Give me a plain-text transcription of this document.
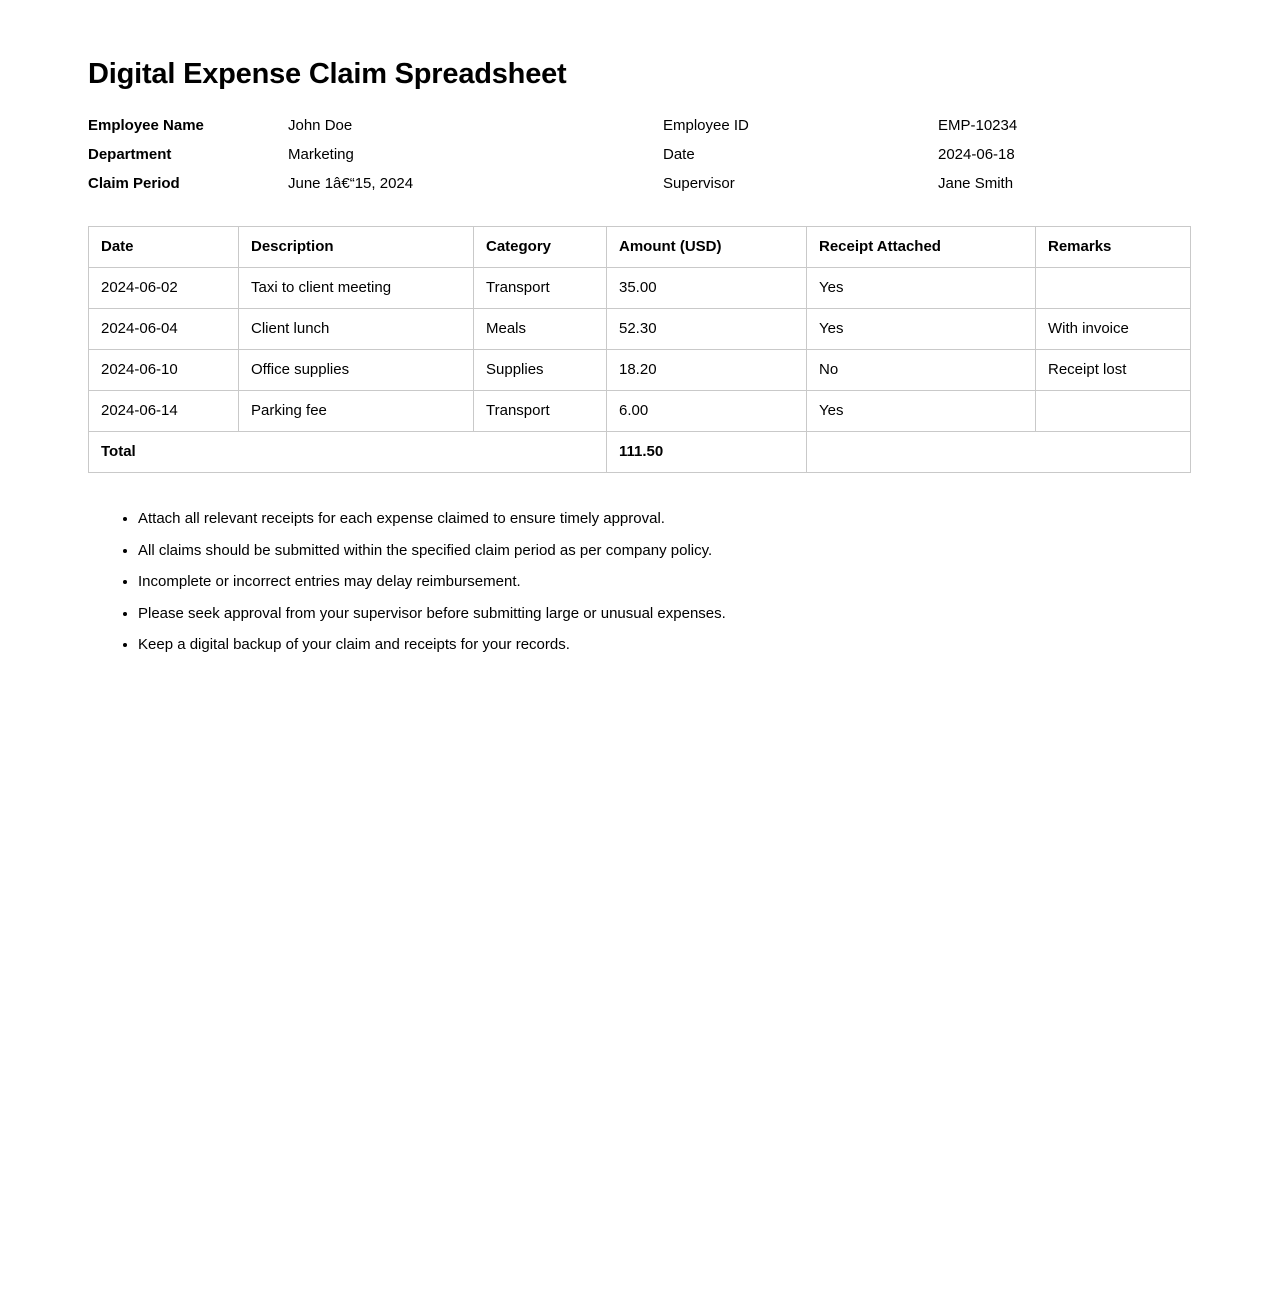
Digital Expense Claim Spreadsheet
Employee Name	John Doe	Employee ID	EMP-10234
Department	Marketing	Date	2024-06-18
Claim Period	June 1â€“15, 2024	Supervisor	Jane Smith
Date	Description	Category	Amount (USD)	Receipt Attached	Remarks
2024-06-02	Taxi to client meeting	Transport	35.00	Yes	
2024-06-04	Client lunch	Meals	52.30	Yes	With invoice
2024-06-10	Office supplies	Supplies	18.20	No	Receipt lost
2024-06-14	Parking fee	Transport	6.00	Yes	
Total			111.50		
• Attach all relevant receipts for each expense claimed to ensure timely approval.
• All claims should be submitted within the specified claim period as per company policy.
• Incomplete or incorrect entries may delay reimbursement.
• Please seek approval from your supervisor before submitting large or unusual expenses.
• Keep a digital backup of your claim and receipts for your records.
